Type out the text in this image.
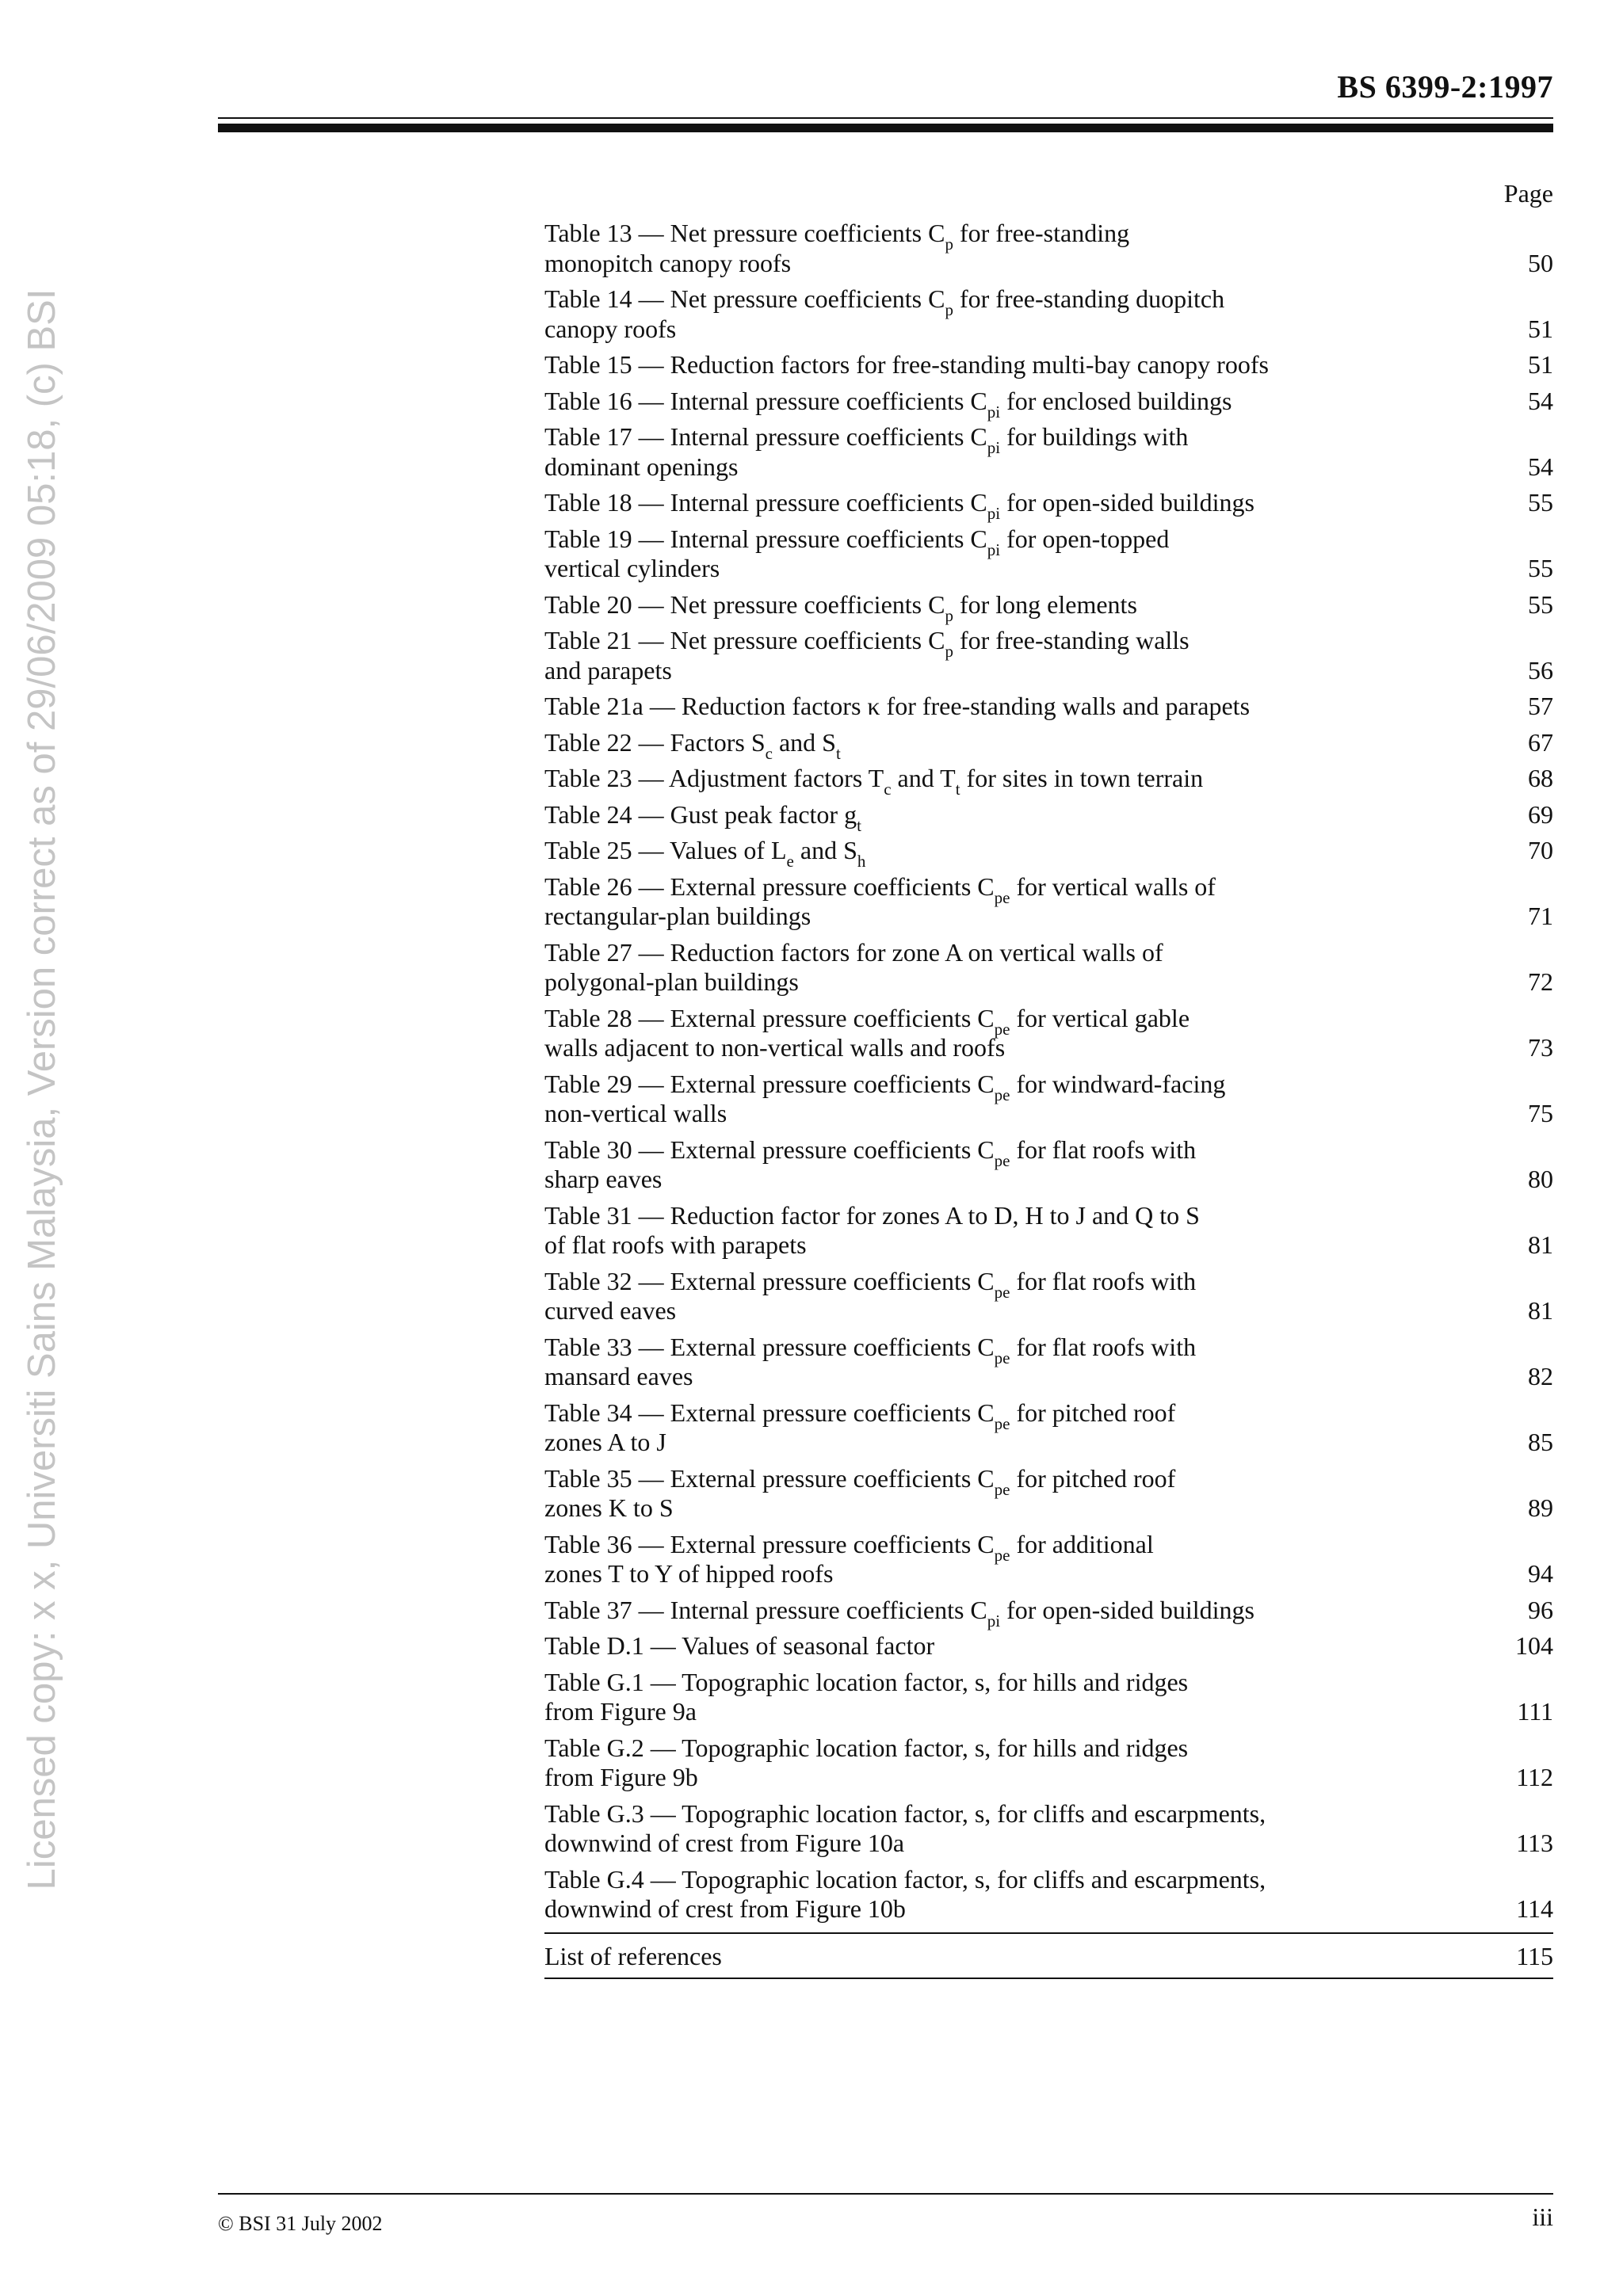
BS 6399-2:1997
Licensed copy: x x, Universiti Sains Malaysia, Version correct as of 29/06/2009 05:18, (c) BSI
Page
Table 13 — Net pressure coefficients $C_p$ for free-standing
monopitch canopy roofs	50
Table 14 — Net pressure coefficients $C_p$ for free-standing duopitch
canopy roofs	51
Table 15 — Reduction factors for free-standing multi-bay canopy roofs	51
Table 16 — Internal pressure coefficients $C_{pi}$ for enclosed buildings	54
Table 17 — Internal pressure coefficients $C_{pi}$ for buildings with
dominant openings	54
Table 18 — Internal pressure coefficients $C_{pi}$ for open-sided buildings	55
Table 19 — Internal pressure coefficients $C_{pi}$ for open-topped
vertical cylinders	55
Table 20 — Net pressure coefficients $C_p$ for long elements	55
Table 21 — Net pressure coefficients $C_p$ for free-standing walls
and parapets	56
Table 21a — Reduction factors κ for free-standing walls and parapets	57
Table 22 — Factors $S_c$ and $S_t$	67
Table 23 — Adjustment factors $T_c$ and $T_t$ for sites in town terrain	68
Table 24 — Gust peak factor $g_t$	69
Table 25 — Values of $L_e$ and $S_h$	70
Table 26 — External pressure coefficients $C_{pe}$ for vertical walls of
rectangular-plan buildings	71
Table 27 — Reduction factors for zone A on vertical walls of
polygonal-plan buildings	72
Table 28 — External pressure coefficients $C_{pe}$ for vertical gable
walls adjacent to non-vertical walls and roofs	73
Table 29 — External pressure coefficients $C_{pe}$ for windward-facing
non-vertical walls	75
Table 30 — External pressure coefficients $C_{pe}$ for flat roofs with
sharp eaves	80
Table 31 — Reduction factor for zones A to D, H to J and Q to S
of flat roofs with parapets	81
Table 32 — External pressure coefficients $C_{pe}$ for flat roofs with
curved eaves	81
Table 33 — External pressure coefficients $C_{pe}$ for flat roofs with
mansard eaves	82
Table 34 — External pressure coefficients $C_{pe}$ for pitched roof
zones A to J	85
Table 35 — External pressure coefficients $C_{pe}$ for pitched roof
zones K to S	89
Table 36 — External pressure coefficients $C_{pe}$ for additional
zones T to Y of hipped roofs	94
Table 37 — Internal pressure coefficients $C_{pi}$ for open-sided buildings	96
Table D.1 — Values of seasonal factor	104
Table G.1 — Topographic location factor, s, for hills and ridges
from Figure 9a	111
Table G.2 — Topographic location factor, s, for hills and ridges
from Figure 9b	112
Table G.3 — Topographic location factor, s, for cliffs and escarpments,
downwind of crest from Figure 10a	113
Table G.4 — Topographic location factor, s, for cliffs and escarpments,
downwind of crest from Figure 10b	114
List of references	115
© BSI 31 July 2002	iii
